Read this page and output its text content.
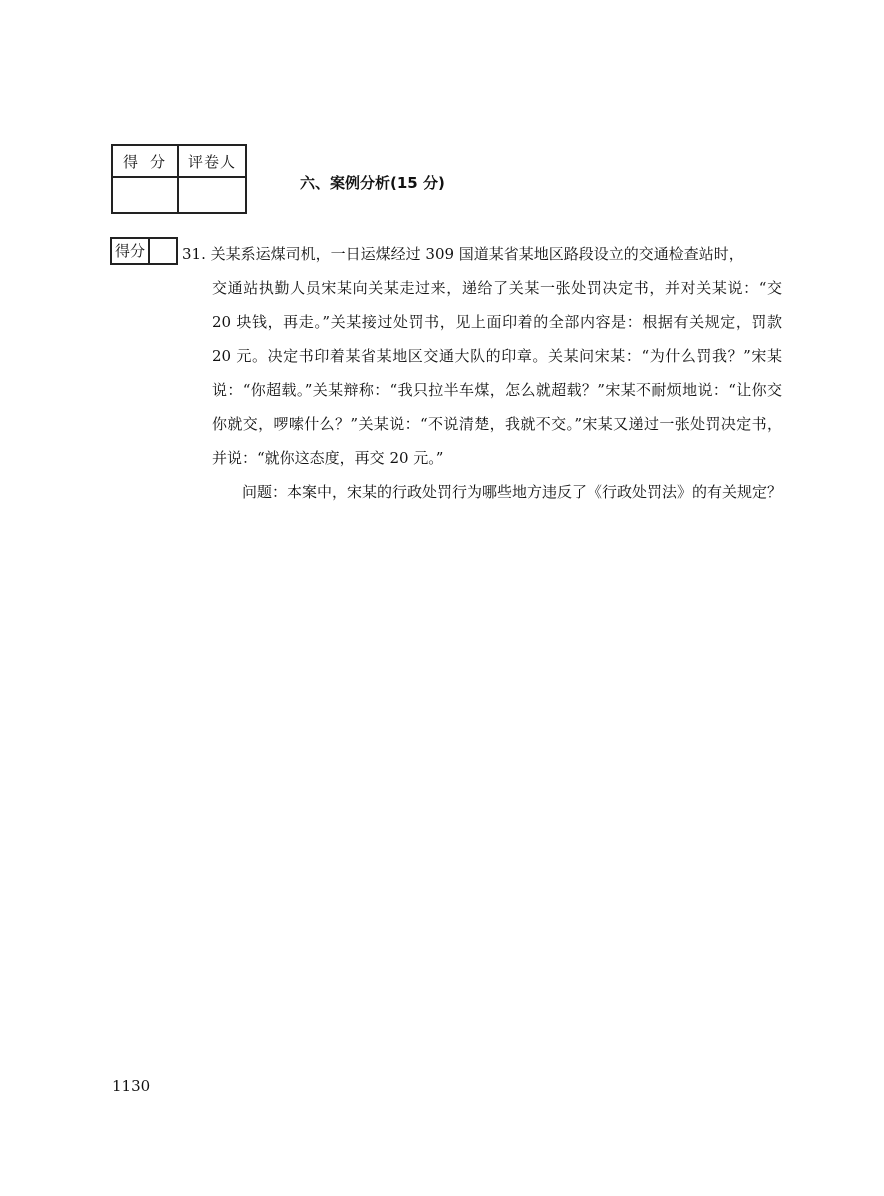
得分	评卷人

六、案例分析(15 分)
得分	31. 关某系运煤司机，一日运煤经过 309 国道某省某地区路段设立的交通检查站时，
交通站执勤人员宋某向关某走过来，递给了关某一张处罚决定书，并对关某说：“交 20 块钱，再走。”关某接过处罚书，见上面印着的全部内容是：根据有关规定，罚款 20 元。决定书印着某省某地区交通大队的印章。关某问宋某：“为什么罚我？”宋某说：“你超载。”关某辩称：“我只拉半车煤，怎么就超载？”宋某不耐烦地说：“让你交你就交，啰嗦什么？”关某说：“不说清楚，我就不交。”宋某又递过一张处罚决定书，并说：“就你这态度，再交 20 元。”
问题：本案中，宋某的行政处罚行为哪些地方违反了《行政处罚法》的有关规定？
1130
